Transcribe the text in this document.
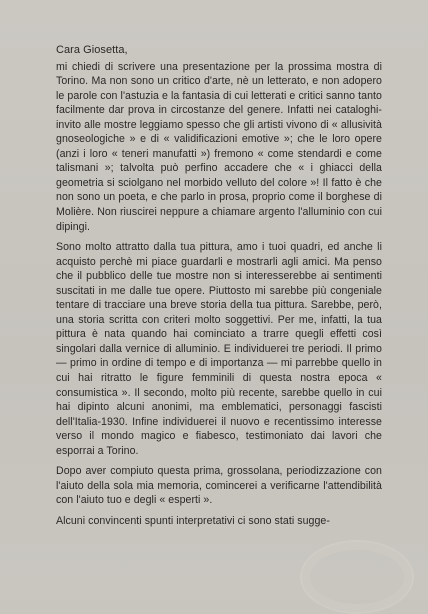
Cara Giosetta,

mi chiedi di scrivere una presentazione per la prossima mostra di Torino. Ma non sono un critico d'arte, nè un letterato, e non adopero le parole con l'astuzia e la fantasia di cui letterati e critici sanno tanto facilmente dar prova in circostanze del genere. Infatti nei cataloghi-invito alle mostre leggiamo spesso che gli artisti vivono di « allusività gnoseologiche » e di « validificazioni emotive »; che le loro opere (anzi i loro « teneri manufatti ») fremono « come stendardi e come talismani »; talvolta può perfino accadere che « i ghiacci della geometria si sciolgano nel morbido velluto del colore »! Il fatto è che non sono un poeta, e che parlo in prosa, proprio come il borghese di Molière. Non riuscirei neppure a chiamare argento l'alluminio con cui dipingi.

Sono molto attratto dalla tua pittura, amo i tuoi quadri, ed anche li acquisto perchè mi piace guardarli e mostrarli agli amici. Ma penso che il pubblico delle tue mostre non si interesserebbe ai sentimenti suscitati in me dalle tue opere. Piuttosto mi sarebbe più congeniale tentare di tracciare una breve storia della tua pittura. Sarebbe, però, una storia scritta con criteri molto soggettivi. Per me, infatti, la tua pittura è nata quando hai cominciato a trarre quegli effetti così singolari dalla vernice di alluminio. E individuerei tre periodi. Il primo — primo in ordine di tempo e di importanza — mi parrebbe quello in cui hai ritratto le figure femminili di questa nostra epoca « consumistica ». Il secondo, molto più recente, sarebbe quello in cui hai dipinto alcuni anonimi, ma emblematici, personaggi fascisti dell'Italia-1930. Infine individuerei il nuovo e recentissimo interesse verso il mondo magico e fiabesco, testimoniato dai lavori che esporrai a Torino.

Dopo aver compiuto questa prima, grossolana, periodizzazione con l'aiuto della sola mia memoria, comincerei a verificarne l'attendibilità con l'aiuto tuo e degli « esperti ».

Alcuni convincenti spunti interpretativi ci sono stati sugge-
